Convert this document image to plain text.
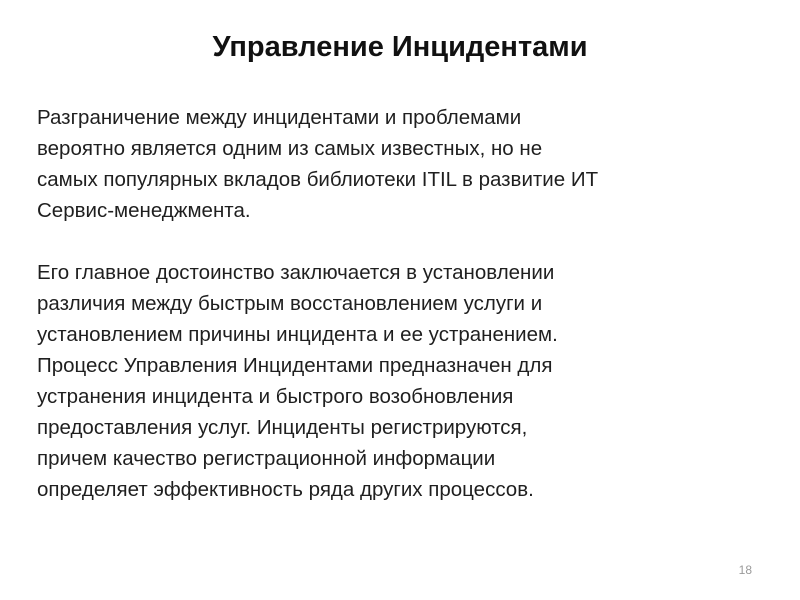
Управление Инцидентами

Разграничение между инцидентами и проблемами
вероятно является одним из самых известных, но не
самых популярных вкладов библиотеки ITIL в развитие ИТ
Сервис-менеджмента.

Его главное достоинство заключается в установлении
различия между быстрым восстановлением услуги и
установлением причины инцидента и ее устранением.
Процесс Управления Инцидентами предназначен для
устранения инцидента и быстрого возобновления
предоставления услуг. Инциденты регистрируются,
причем качество регистрационной информации
определяет эффективность ряда других процессов.

18
